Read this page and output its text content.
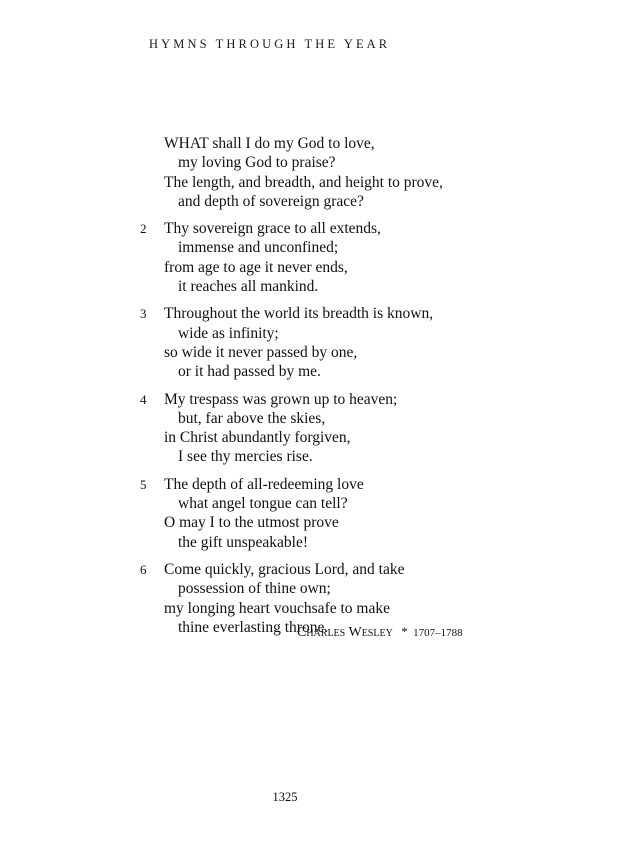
HYMNS THROUGH THE YEAR
WHAT shall I do my God to love,
my loving God to praise?
The length, and breadth, and height to prove,
and depth of sovereign grace?
2	Thy sovereign grace to all extends,
immense and unconfined;
from age to age it never ends,
it reaches all mankind.
3	Throughout the world its breadth is known,
wide as infinity;
so wide it never passed by one,
or it had passed by me.
4	My trespass was grown up to heaven;
but, far above the skies,
in Christ abundantly forgiven,
I see thy mercies rise.
5	The depth of all-redeeming love
what angel tongue can tell?
O may I to the utmost prove
the gift unspeakable!
6	Come quickly, gracious Lord, and take
possession of thine own;
my longing heart vouchsafe to make
thine everlasting throne.
Charles Wesley * 1707–1788
1325
